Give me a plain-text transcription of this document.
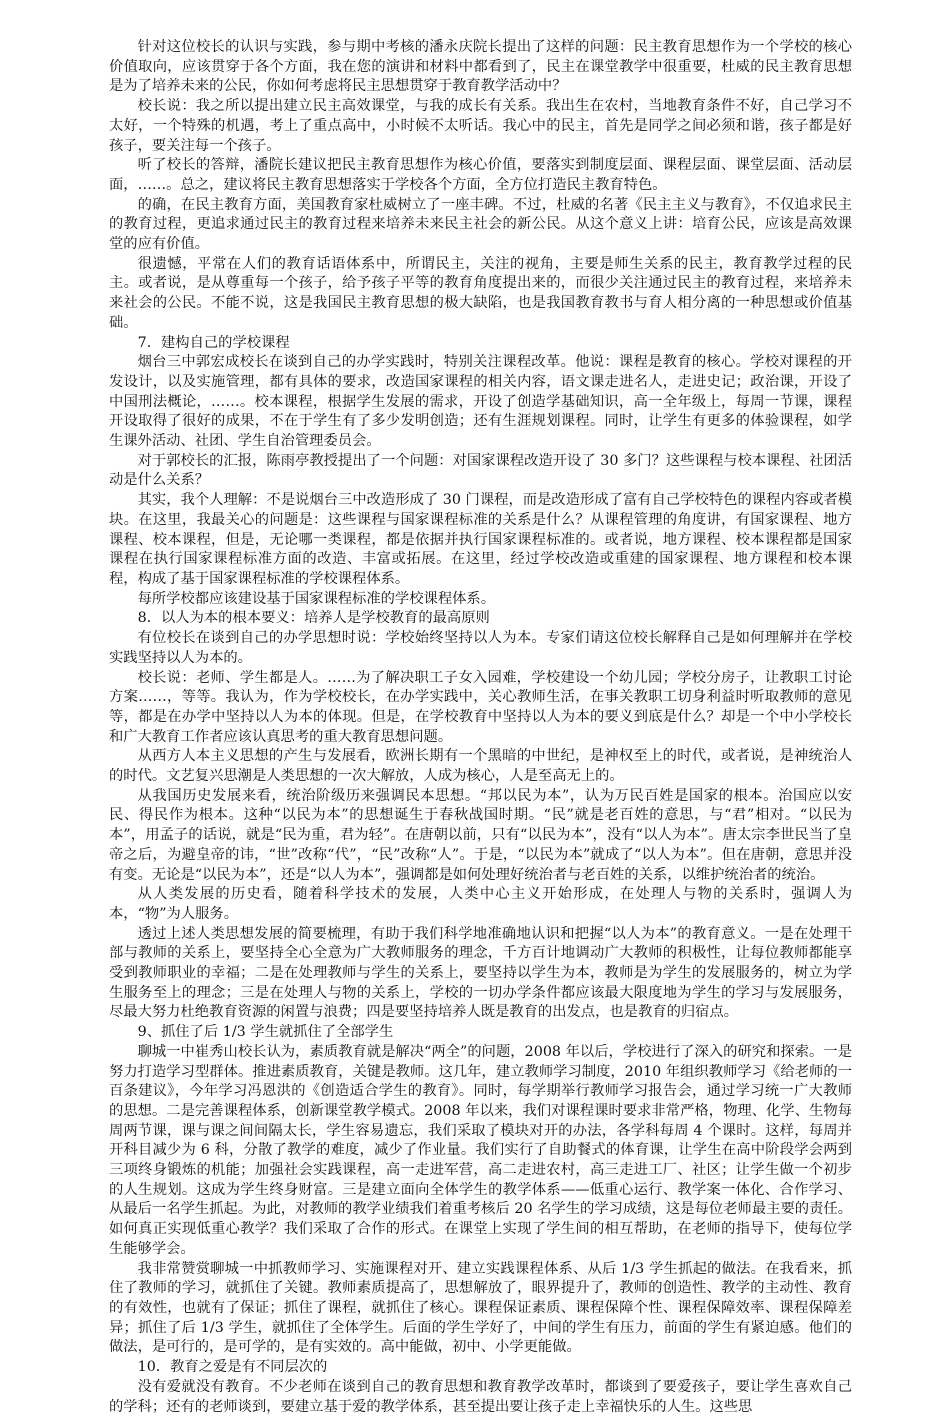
针对这位校长的认识与实践，参与期中考核的潘永庆院长提出了这样的问题：民主教育思想作为一个学校的核心价值取向，应该贯穿于各个方面，我在您的演讲和材料中都看到了，民主在课堂教学中很重要，杜威的民主教育思想是为了培养未来的公民，你如何考虑将民主思想贯穿于教育教学活动中？

校长说：我之所以提出建立民主高效课堂，与我的成长有关系。我出生在农村，当地教育条件不好，自己学习不太好，一个特殊的机遇，考上了重点高中，小时候不太听话。我心中的民主，首先是同学之间必须和谐，孩子都是好孩子，要关注每一个孩子。

听了校长的答辩，潘院长建议把民主教育思想作为核心价值，要落实到制度层面、课程层面、课堂层面、活动层面，……。总之，建议将民主教育思想落实于学校各个方面，全方位打造民主教育特色。

的确，在民主教育方面，美国教育家杜威树立了一座丰碑。不过，杜威的名著《民主主义与教育》，不仅追求民主的教育过程，更追求通过民主的教育过程来培养未来民主社会的新公民。从这个意义上讲：培育公民，应该是高效课堂的应有价值。

很遗憾，平常在人们的教育话语体系中，所谓民主，关注的视角，主要是师生关系的民主，教育教学过程的民主。或者说，是从尊重每一个孩子，给予孩子平等的教育角度提出来的，而很少关注通过民主的教育过程，来培养未来社会的公民。不能不说，这是我国民主教育思想的极大缺陷，也是我国教育教书与育人相分离的一种思想或价值基础。

7．建构自己的学校课程

烟台三中郭宏成校长在谈到自己的办学实践时，特别关注课程改革。他说：课程是教育的核心。学校对课程的开发设计，以及实施管理，都有具体的要求，改造国家课程的相关内容，语文课走进名人，走进史记；政治课，开设了中国刑法概论，……。校本课程，根据学生发展的需求，开设了创造学基础知识，高一全年级上，每周一节课，课程开设取得了很好的成果，不在于学生有了多少发明创造；还有生涯规划课程。同时，让学生有更多的体验课程，如学生课外活动、社团、学生自治管理委员会。

对于郭校长的汇报，陈雨亭教授提出了一个问题：对国家课程改造开设了 30 多门？这些课程与校本课程、社团活动是什么关系？

其实，我个人理解：不是说烟台三中改造形成了 30 门课程，而是改造形成了富有自己学校特色的课程内容或者模块。在这里，我最关心的问题是：这些课程与国家课程标准的关系是什么？从课程管理的角度讲，有国家课程、地方课程、校本课程，但是，无论哪一类课程，都是依据并执行国家课程标准的。或者说，地方课程、校本课程都是国家课程在执行国家课程标准方面的改造、丰富或拓展。在这里，经过学校改造或重建的国家课程、地方课程和校本课程，构成了基于国家课程标准的学校课程体系。

每所学校都应该建设基于国家课程标准的学校课程体系。

8．以人为本的根本要义：培养人是学校教育的最高原则

有位校长在谈到自己的办学思想时说：学校始终坚持以人为本。专家们请这位校长解释自己是如何理解并在学校实践坚持以人为本的。

校长说：老师、学生都是人。……为了解决职工子女入园难，学校建设一个幼儿园；学校分房子，让教职工讨论方案……，等等。我认为，作为学校校长，在办学实践中，关心教师生活，在事关教职工切身利益时听取教师的意见等，都是在办学中坚持以人为本的体现。但是，在学校教育中坚持以人为本的要义到底是什么？却是一个中小学校长和广大教育工作者应该认真思考的重大教育思想问题。

从西方人本主义思想的产生与发展看，欧洲长期有一个黑暗的中世纪，是神权至上的时代，或者说，是神统治人的时代。文艺复兴思潮是人类思想的一次大解放，人成为核心，人是至高无上的。

从我国历史发展来看，统治阶级历来强调民本思想。“邦以民为本”，认为万民百姓是国家的根本。治国应以安民、得民作为根本。这种“以民为本”的思想诞生于春秋战国时期。“民”就是老百姓的意思，与“君”相对。“以民为本”，用孟子的话说，就是“民为重，君为轻”。在唐朝以前，只有“以民为本”，没有“以人为本”。唐太宗李世民当了皇帝之后，为避皇帝的讳，“世”改称“代”，“民”改称“人”。于是，“以民为本”就成了“以人为本”。但在唐朝，意思并没有变。无论是“以民为本”，还是“以人为本”，强调都是如何处理好统治者与老百姓的关系，以维护统治者的统治。

从人类发展的历史看，随着科学技术的发展，人类中心主义开始形成，在处理人与物的关系时，强调人为本，“物”为人服务。

透过上述人类思想发展的简要梳理，有助于我们科学地准确地认识和把握“以人为本”的教育意义。一是在处理干部与教师的关系上，要坚持全心全意为广大教师服务的理念，千方百计地调动广大教师的积极性，让每位教师都能享受到教师职业的幸福；二是在处理教师与学生的关系上，要坚持以学生为本，教师是为学生的发展服务的，树立为学生服务至上的理念；三是在处理人与物的关系上，学校的一切办学条件都应该最大限度地为学生的学习与发展服务，尽最大努力杜绝教育资源的闲置与浪费；四是要坚持培养人既是教育的出发点，也是教育的归宿点。

9、抓住了后 1/3 学生就抓住了全部学生

聊城一中崔秀山校长认为，素质教育就是解决“两全”的问题，2008 年以后，学校进行了深入的研究和探索。一是努力打造学习型群体。推进素质教育，关键是教师。这几年，建立教师学习制度，2010 年组织教师学习《给老师的一百条建议》，今年学习冯恩洪的《创造适合学生的教育》。同时，每学期举行教师学习报告会，通过学习统一广大教师的思想。二是完善课程体系，创新课堂教学模式。2008 年以来，我们对课程课时要求非常严格，物理、化学、生物每周两节课，课与课之间间隔太长，学生容易遗忘，我们采取了模块对开的办法，各学科每周 4 个课时。这样，每周并开科目减少为 6 科，分散了教学的难度，减少了作业量。我们实行了自助餐式的体育课，让学生在高中阶段学会两到三项终身锻炼的机能；加强社会实践课程，高一走进军营，高二走进农村，高三走进工厂、社区；让学生做一个初步的人生规划。这成为学生终身财富。三是建立面向全体学生的教学体系——低重心运行、教学案一体化、合作学习、从最后一名学生抓起。为此，对教师的教学业绩我们着重考核后 20 名学生的学习成绩，这是每位老师最主要的责任。如何真正实现低重心教学？我们采取了合作的形式。在课堂上实现了学生间的相互帮助，在老师的指导下，使每位学生能够学会。

我非常赞赏聊城一中抓教师学习、实施课程对开、建立实践课程体系、从后 1/3 学生抓起的做法。在我看来，抓住了教师的学习，就抓住了关键。教师素质提高了，思想解放了，眼界提升了，教师的创造性、教学的主动性、教育的有效性，也就有了保证；抓住了课程，就抓住了核心。课程保证素质、课程保障个性、课程保障效率、课程保障差异；抓住了后 1/3 学生，就抓住了全体学生。后面的学生学好了，中间的学生有压力，前面的学生有紧迫感。他们的做法，是可行的，是可学的，是有实效的。高中能做，初中、小学更能做。

10．教育之爱是有不同层次的

没有爱就没有教育。不少老师在谈到自己的教育思想和教育教学改革时，都谈到了要爱孩子，要让学生喜欢自己的学科；还有的老师谈到，要建立基于爱的教学体系，甚至提出要让孩子走上幸福快乐的人生。这些思
